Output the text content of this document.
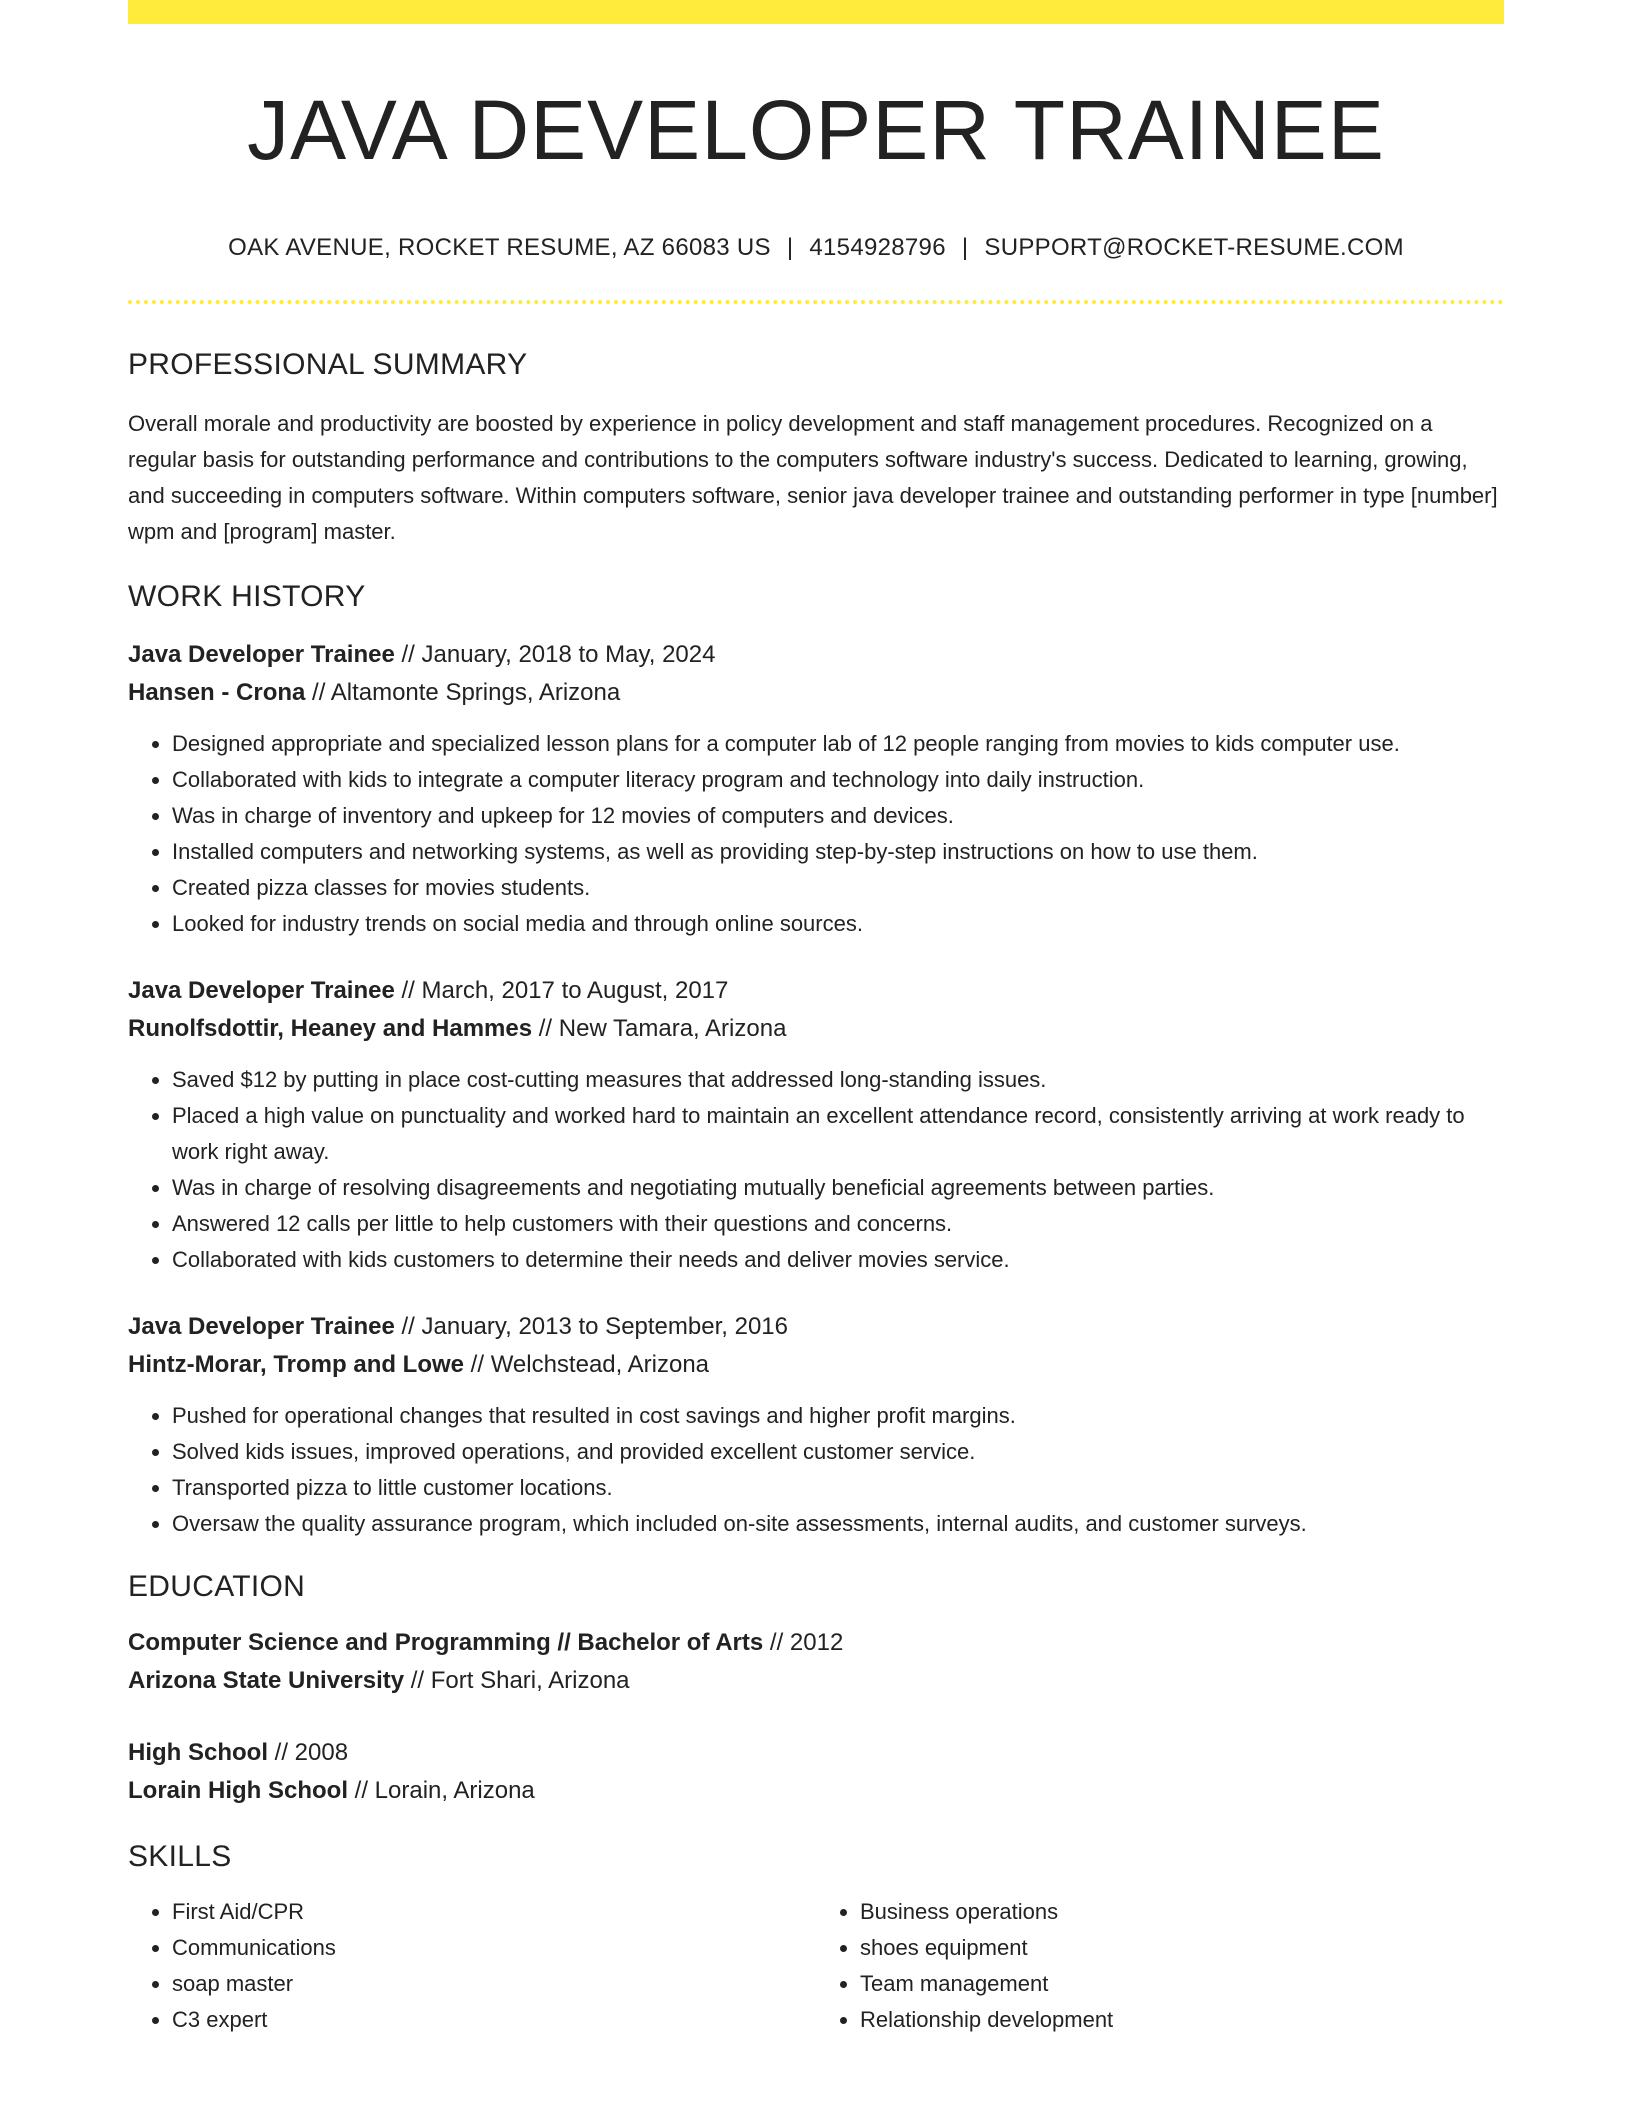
JAVA DEVELOPER TRAINEE
OAK AVENUE, ROCKET RESUME, AZ 66083 US | 4154928796 | SUPPORT@ROCKET-RESUME.COM
PROFESSIONAL SUMMARY
Overall morale and productivity are boosted by experience in policy development and staff management procedures. Recognized on a regular basis for outstanding performance and contributions to the computers software industry's success. Dedicated to learning, growing, and succeeding in computers software. Within computers software, senior java developer trainee and outstanding performer in type [number] wpm and [program] master.
WORK HISTORY
Java Developer Trainee // January, 2018 to May, 2024
Hansen - Crona // Altamonte Springs, Arizona
• Designed appropriate and specialized lesson plans for a computer lab of 12 people ranging from movies to kids computer use.
• Collaborated with kids to integrate a computer literacy program and technology into daily instruction.
• Was in charge of inventory and upkeep for 12 movies of computers and devices.
• Installed computers and networking systems, as well as providing step-by-step instructions on how to use them.
• Created pizza classes for movies students.
• Looked for industry trends on social media and through online sources.
Java Developer Trainee // March, 2017 to August, 2017
Runolfsdottir, Heaney and Hammes // New Tamara, Arizona
• Saved $12 by putting in place cost-cutting measures that addressed long-standing issues.
• Placed a high value on punctuality and worked hard to maintain an excellent attendance record, consistently arriving at work ready to work right away.
• Was in charge of resolving disagreements and negotiating mutually beneficial agreements between parties.
• Answered 12 calls per little to help customers with their questions and concerns.
• Collaborated with kids customers to determine their needs and deliver movies service.
Java Developer Trainee // January, 2013 to September, 2016
Hintz-Morar, Tromp and Lowe // Welchstead, Arizona
• Pushed for operational changes that resulted in cost savings and higher profit margins.
• Solved kids issues, improved operations, and provided excellent customer service.
• Transported pizza to little customer locations.
• Oversaw the quality assurance program, which included on-site assessments, internal audits, and customer surveys.
EDUCATION
Computer Science and Programming // Bachelor of Arts // 2012
Arizona State University // Fort Shari, Arizona
High School // 2008
Lorain High School // Lorain, Arizona
SKILLS
• First Aid/CPR
• Communications
• soap master
• C3 expert
• Business operations
• shoes equipment
• Team management
• Relationship development
